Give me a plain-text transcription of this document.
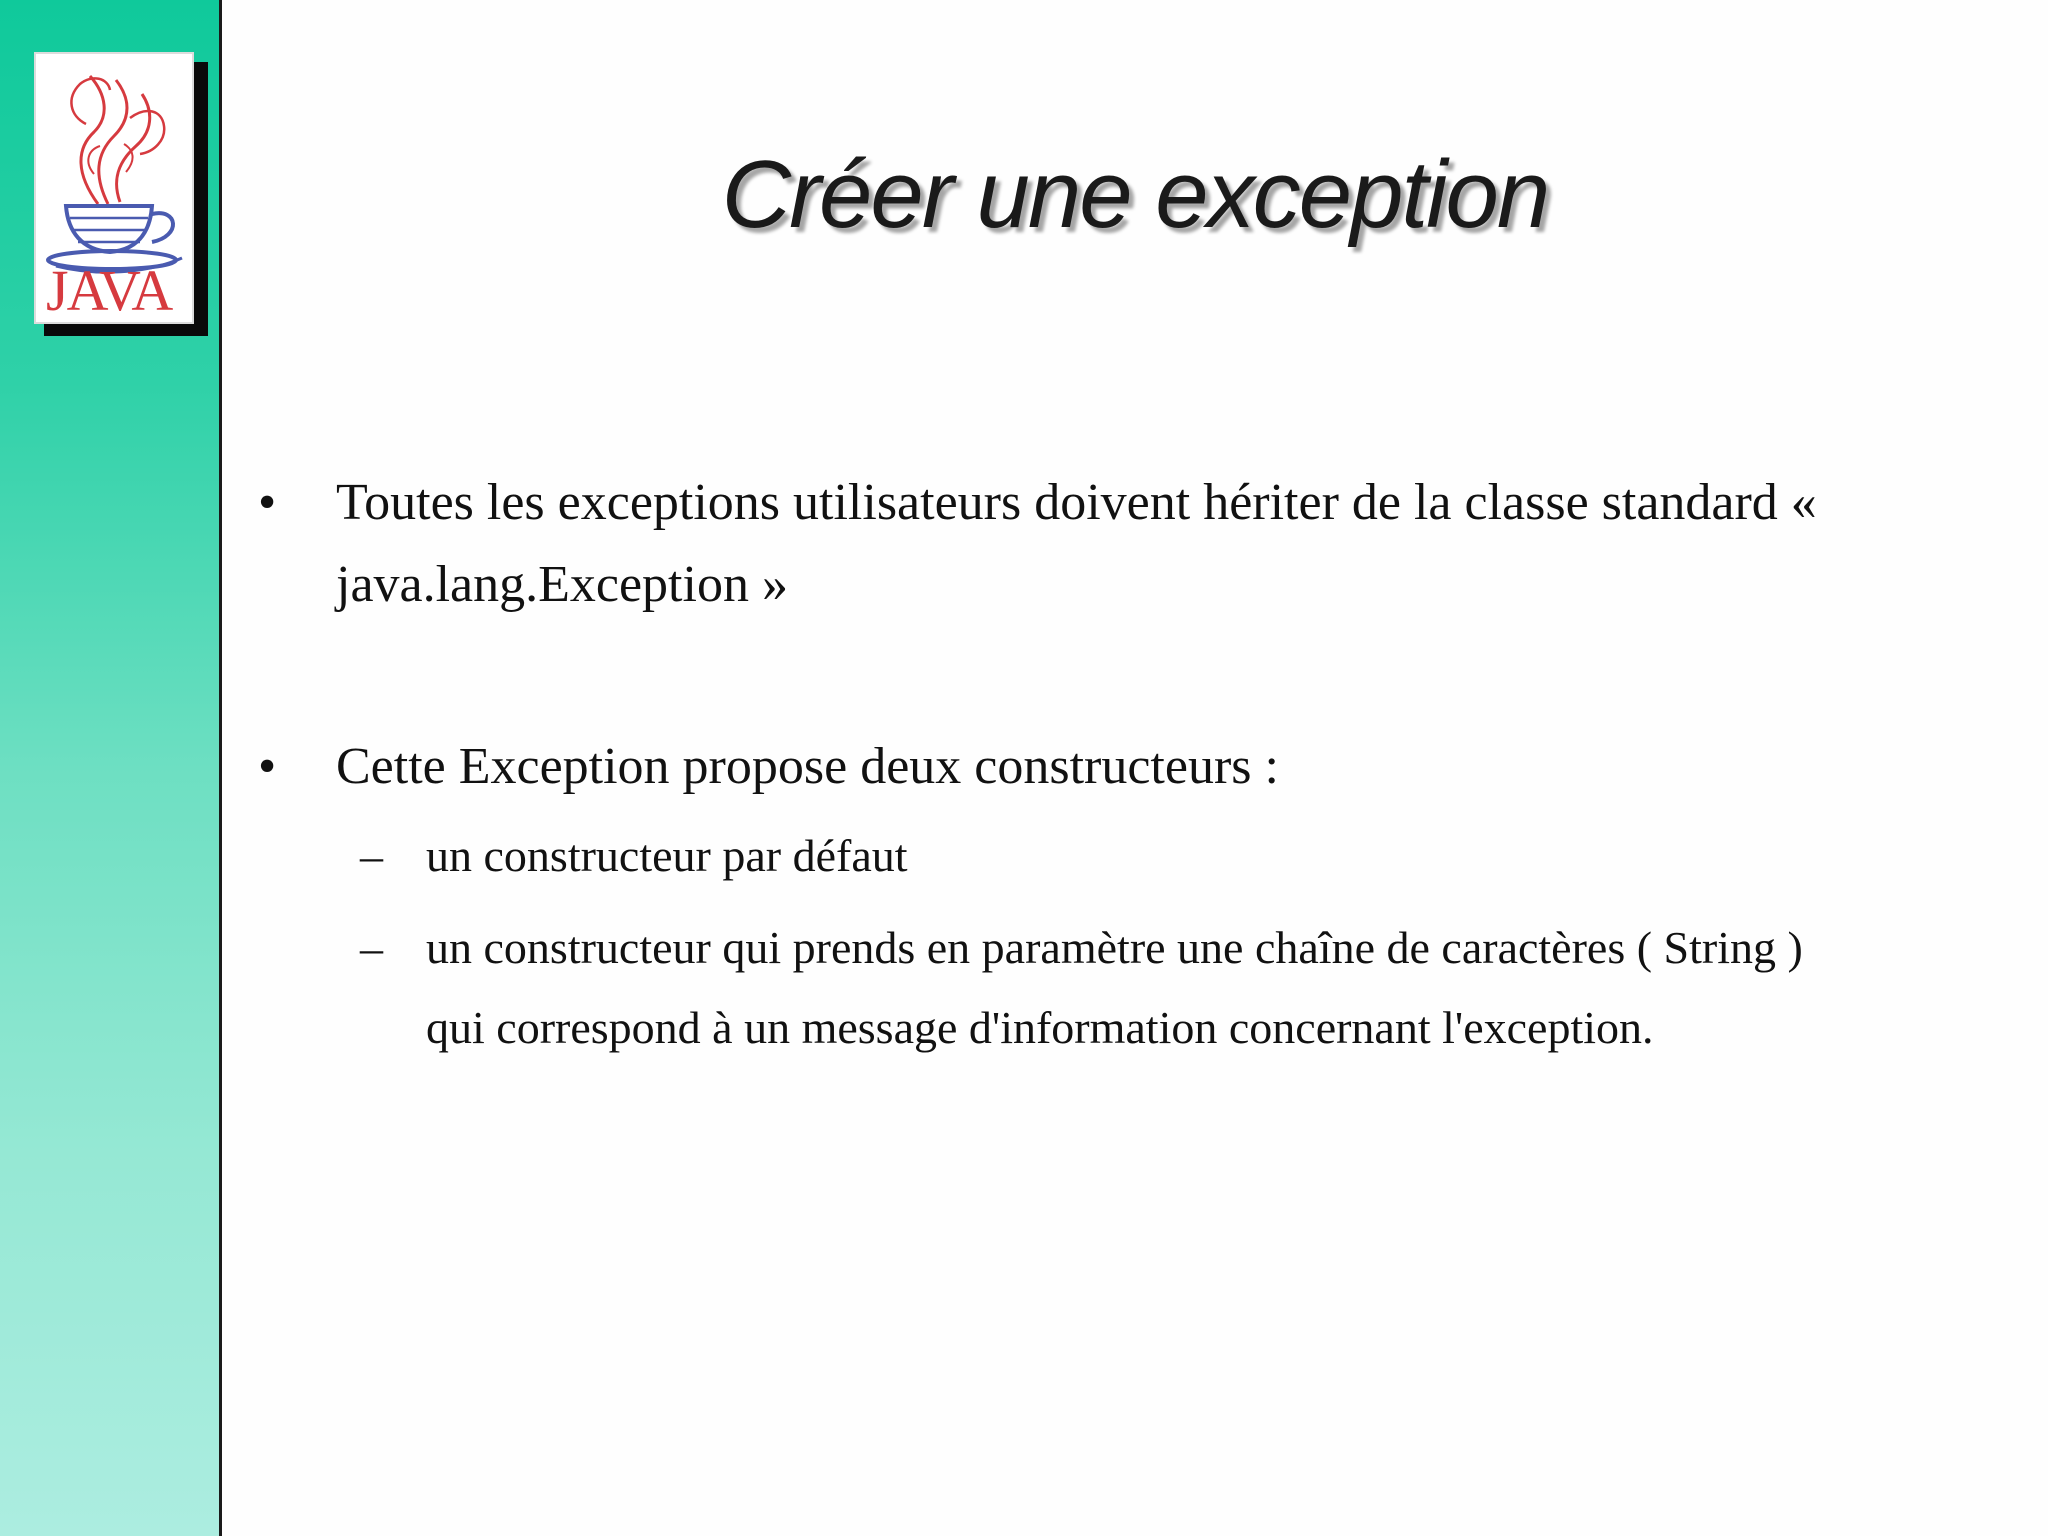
JAVA
Créer une exception
• Toutes les exceptions utilisateurs doivent hériter de la classe standard « java.lang.Exception »
• Cette Exception propose deux constructeurs :
– un constructeur par défaut
– un constructeur qui prends en paramètre une chaîne de caractères ( String ) qui correspond à un message d'information concernant l'exception.
